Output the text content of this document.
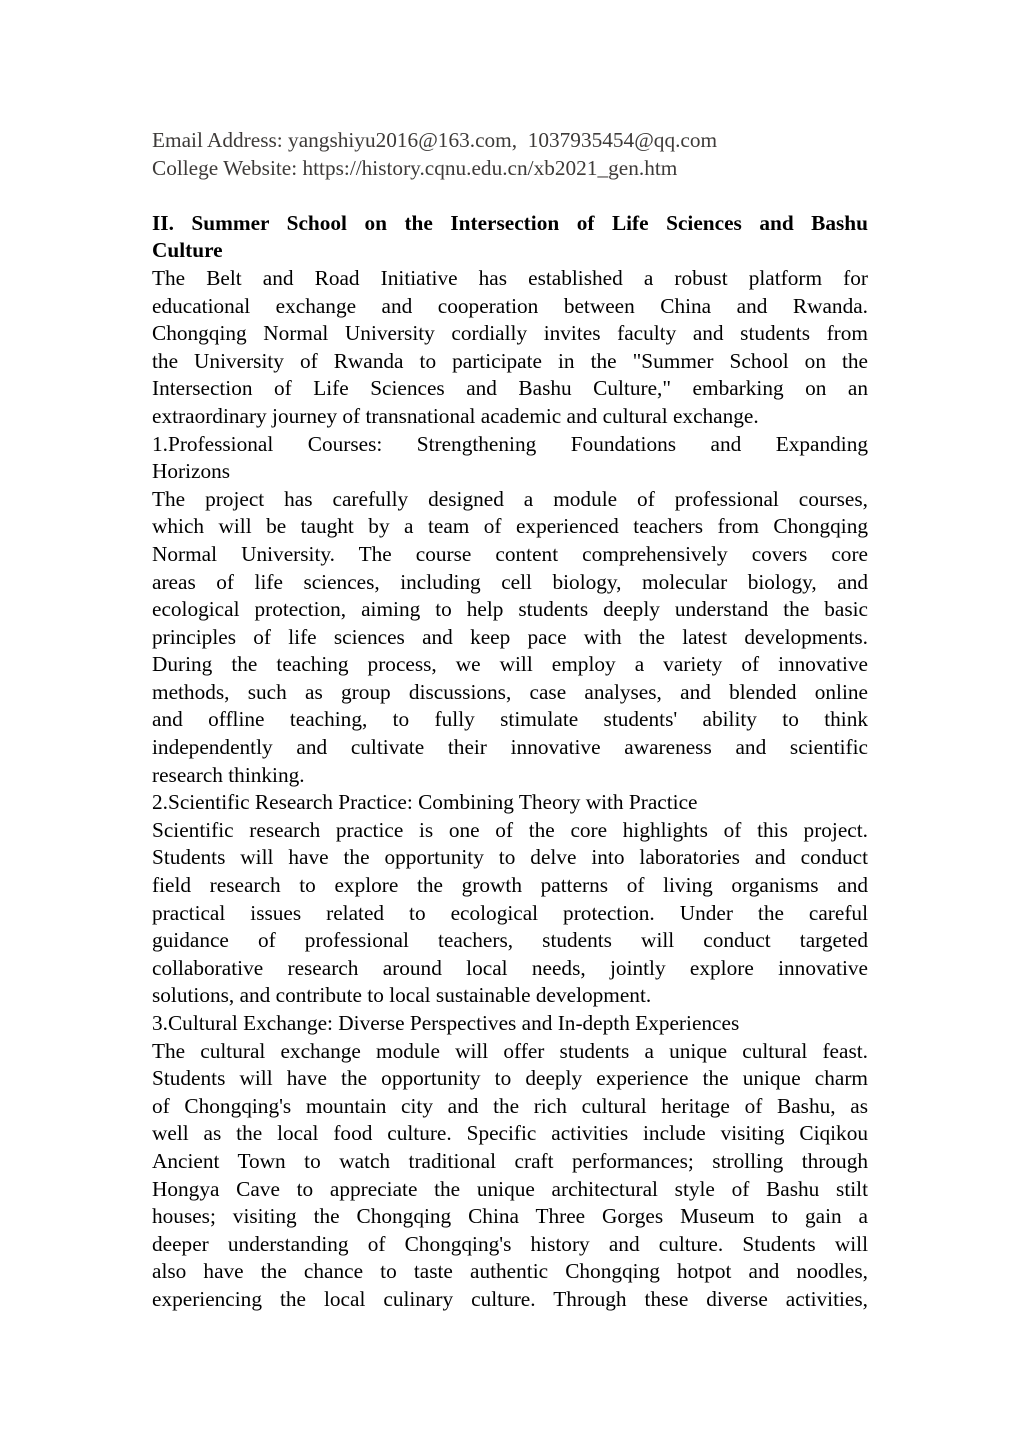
Email Address: yangshiyu2016@163.com,  1037935454@qq.com
College Website: https://history.cqnu.edu.cn/xb2021_gen.htm
II. Summer School on the Intersection of Life Sciences and Bashu
Culture
The Belt and Road Initiative has established a robust platform for
educational exchange and cooperation between China and Rwanda.
Chongqing Normal University cordially invites faculty and students from
the University of Rwanda to participate in the "Summer School on the
Intersection of Life Sciences and Bashu Culture," embarking on an
extraordinary journey of transnational academic and cultural exchange.
1.Professional Courses: Strengthening Foundations and Expanding
Horizons
The project has carefully designed a module of professional courses,
which will be taught by a team of experienced teachers from Chongqing
Normal University. The course content comprehensively covers core
areas of life sciences, including cell biology, molecular biology, and
ecological protection, aiming to help students deeply understand the basic
principles of life sciences and keep pace with the latest developments.
During the teaching process, we will employ a variety of innovative
methods, such as group discussions, case analyses, and blended online
and offline teaching, to fully stimulate students' ability to think
independently and cultivate their innovative awareness and scientific
research thinking.
2.Scientific Research Practice: Combining Theory with Practice
Scientific research practice is one of the core highlights of this project.
Students will have the opportunity to delve into laboratories and conduct
field research to explore the growth patterns of living organisms and
practical issues related to ecological protection. Under the careful
guidance of professional teachers, students will conduct targeted
collaborative research around local needs, jointly explore innovative
solutions, and contribute to local sustainable development.
3.Cultural Exchange: Diverse Perspectives and In-depth Experiences
The cultural exchange module will offer students a unique cultural feast.
Students will have the opportunity to deeply experience the unique charm
of Chongqing's mountain city and the rich cultural heritage of Bashu, as
well as the local food culture. Specific activities include visiting Ciqikou
Ancient Town to watch traditional craft performances; strolling through
Hongya Cave to appreciate the unique architectural style of Bashu stilt
houses; visiting the Chongqing China Three Gorges Museum to gain a
deeper understanding of Chongqing's history and culture. Students will
also have the chance to taste authentic Chongqing hotpot and noodles,
experiencing the local culinary culture. Through these diverse activities,
